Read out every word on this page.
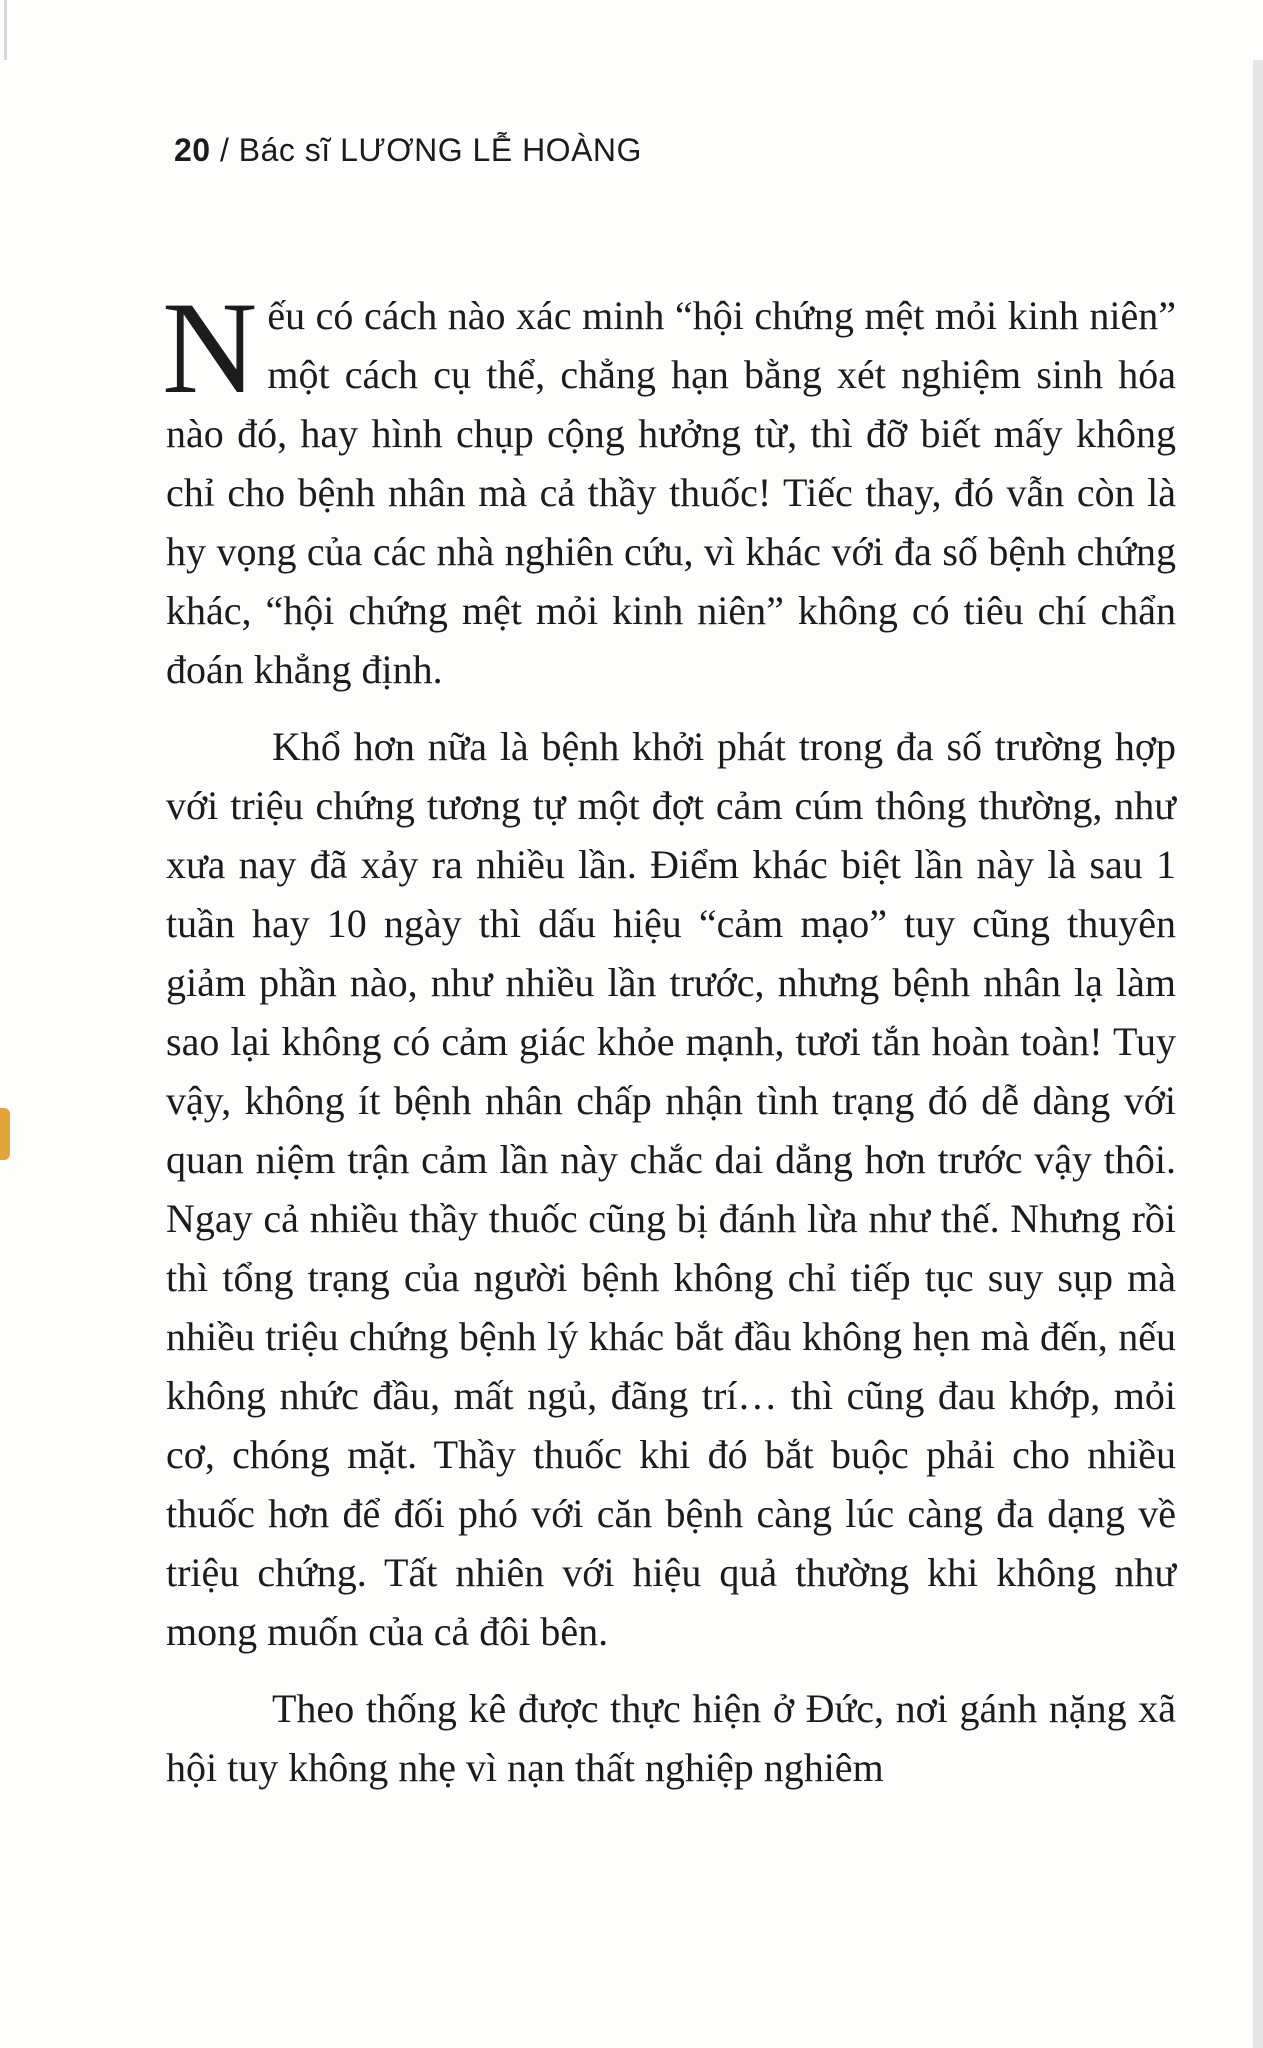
20 / Bác sĩ LƯƠNG LỄ HOÀNG

Nếu có cách nào xác minh “hội chứng mệt mỏi kinh niên” một cách cụ thể, chẳng hạn bằng xét nghiệm sinh hóa nào đó, hay hình chụp cộng hưởng từ, thì đỡ biết mấy không chỉ cho bệnh nhân mà cả thầy thuốc! Tiếc thay, đó vẫn còn là hy vọng của các nhà nghiên cứu, vì khác với đa số bệnh chứng khác, “hội chứng mệt mỏi kinh niên” không có tiêu chí chẩn đoán khẳng định.

Khổ hơn nữa là bệnh khởi phát trong đa số trường hợp với triệu chứng tương tự một đợt cảm cúm thông thường, như xưa nay đã xảy ra nhiều lần. Điểm khác biệt lần này là sau 1 tuần hay 10 ngày thì dấu hiệu “cảm mạo” tuy cũng thuyên giảm phần nào, như nhiều lần trước, nhưng bệnh nhân lạ làm sao lại không có cảm giác khỏe mạnh, tươi tắn hoàn toàn! Tuy vậy, không ít bệnh nhân chấp nhận tình trạng đó dễ dàng với quan niệm trận cảm lần này chắc dai dẳng hơn trước vậy thôi. Ngay cả nhiều thầy thuốc cũng bị đánh lừa như thế. Nhưng rồi thì tổng trạng của người bệnh không chỉ tiếp tục suy sụp mà nhiều triệu chứng bệnh lý khác bắt đầu không hẹn mà đến, nếu không nhức đầu, mất ngủ, đãng trí… thì cũng đau khớp, mỏi cơ, chóng mặt. Thầy thuốc khi đó bắt buộc phải cho nhiều thuốc hơn để đối phó với căn bệnh càng lúc càng đa dạng về triệu chứng. Tất nhiên với hiệu quả thường khi không như mong muốn của cả đôi bên.

Theo thống kê được thực hiện ở Đức, nơi gánh nặng xã hội tuy không nhẹ vì nạn thất nghiệp nghiêm
